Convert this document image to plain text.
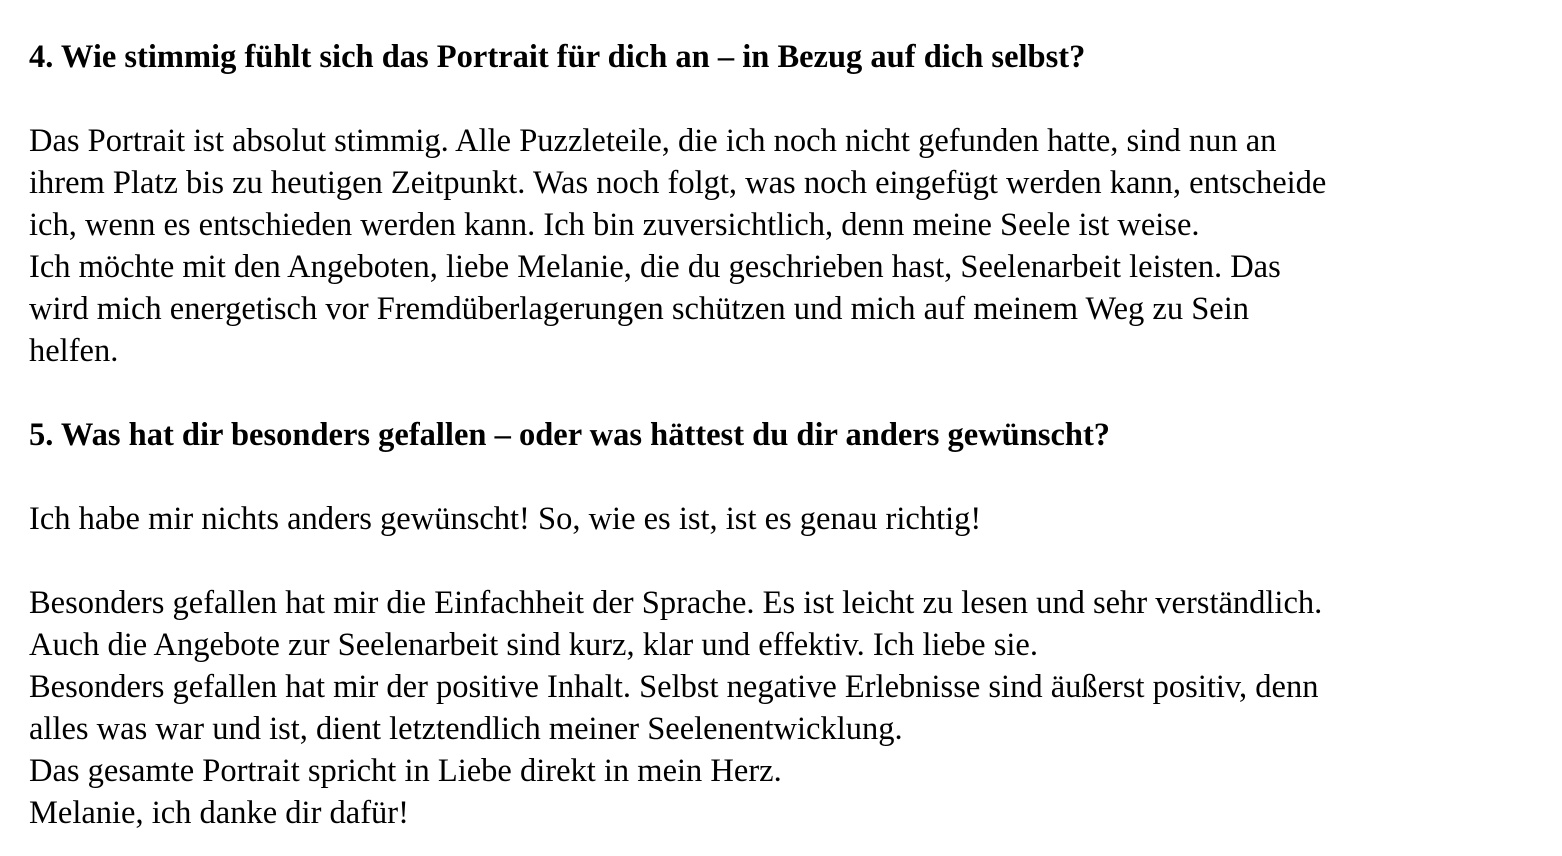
4. Wie stimmig fühlt sich das Portrait für dich an – in Bezug auf dich selbst?
Das Portrait ist absolut stimmig. Alle Puzzleteile, die ich noch nicht gefunden hatte, sind nun an
ihrem Platz bis zu heutigen Zeitpunkt. Was noch folgt, was noch eingefügt werden kann, entscheide
ich, wenn es entschieden werden kann. Ich bin zuversichtlich, denn meine Seele ist weise.
Ich möchte mit den Angeboten, liebe Melanie, die du geschrieben hast, Seelenarbeit leisten. Das
wird mich energetisch vor Fremdüberlagerungen schützen und mich auf meinem Weg zu Sein
helfen.
5. Was hat dir besonders gefallen – oder was hättest du dir anders gewünscht?
Ich habe mir nichts anders gewünscht! So, wie es ist, ist es genau richtig!
Besonders gefallen hat mir die Einfachheit der Sprache. Es ist leicht zu lesen und sehr verständlich.
Auch die Angebote zur Seelenarbeit sind kurz, klar und effektiv. Ich liebe sie.
Besonders gefallen hat mir der positive Inhalt. Selbst negative Erlebnisse sind äußerst positiv, denn
alles was war und ist, dient letztendlich meiner Seelenentwicklung.
Das gesamte Portrait spricht in Liebe direkt in mein Herz.
Melanie, ich danke dir dafür!
